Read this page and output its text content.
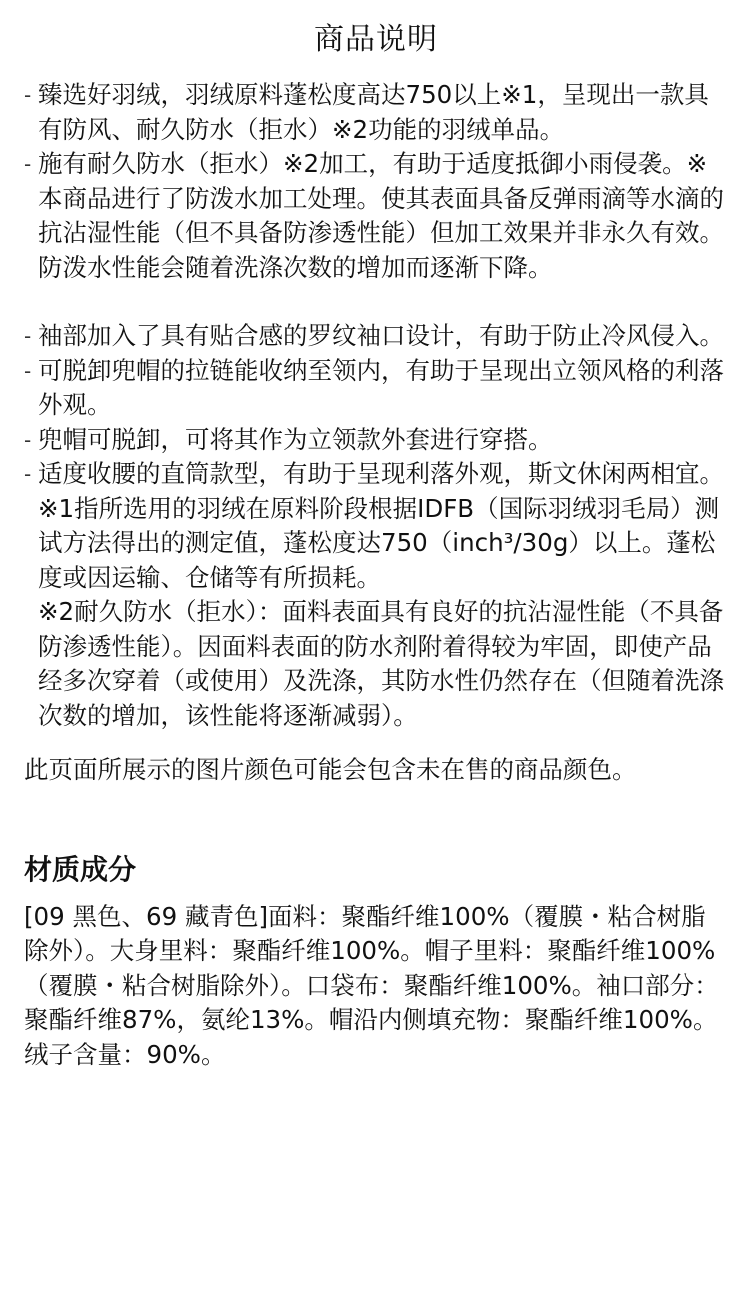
商品说明
- 臻选好羽绒，羽绒原料蓬松度高达750以上※1，呈现出一款具有防风、耐久防水（拒水）※2功能的羽绒单品。
- 施有耐久防水（拒水）※2加工，有助于适度抵御小雨侵袭。※本商品进行了防泼水加工处理。使其表面具备反弹雨滴等水滴的抗沾湿性能（但不具备防渗透性能）但加工效果并非永久有效。防泼水性能会随着洗涤次数的增加而逐渐下降。
- 袖部加入了具有贴合感的罗纹袖口设计，有助于防止冷风侵入。
- 可脱卸兜帽的拉链能收纳至领内，有助于呈现出立领风格的利落外观。
- 兜帽可脱卸，可将其作为立领款外套进行穿搭。
- 适度收腰的直筒款型，有助于呈现利落外观，斯文休闲两相宜。
※1指所选用的羽绒在原料阶段根据IDFB（国际羽绒羽毛局）测试方法得出的测定值，蓬松度达750（inch³/30g）以上。蓬松度或因运输、仓储等有所损耗。
※2耐久防水（拒水）：面料表面具有良好的抗沾湿性能（不具备防渗透性能）。因面料表面的防水剂附着得较为牢固，即使产品经多次穿着（或使用）及洗涤，其防水性仍然存在（但随着洗涤次数的增加，该性能将逐渐减弱）。

此页面所展示的图片颜色可能会包含未在售的商品颜色。

材质成分

[09 黑色、69 藏青色]面料：聚酯纤维100%（覆膜・粘合树脂除外）。大身里料：聚酯纤维100%。帽子里料：聚酯纤维100%（覆膜・粘合树脂除外）。口袋布：聚酯纤维100%。袖口部分：聚酯纤维87%，氨纶13%。帽沿内侧填充物：聚酯纤维100%。绒子含量：90%。
